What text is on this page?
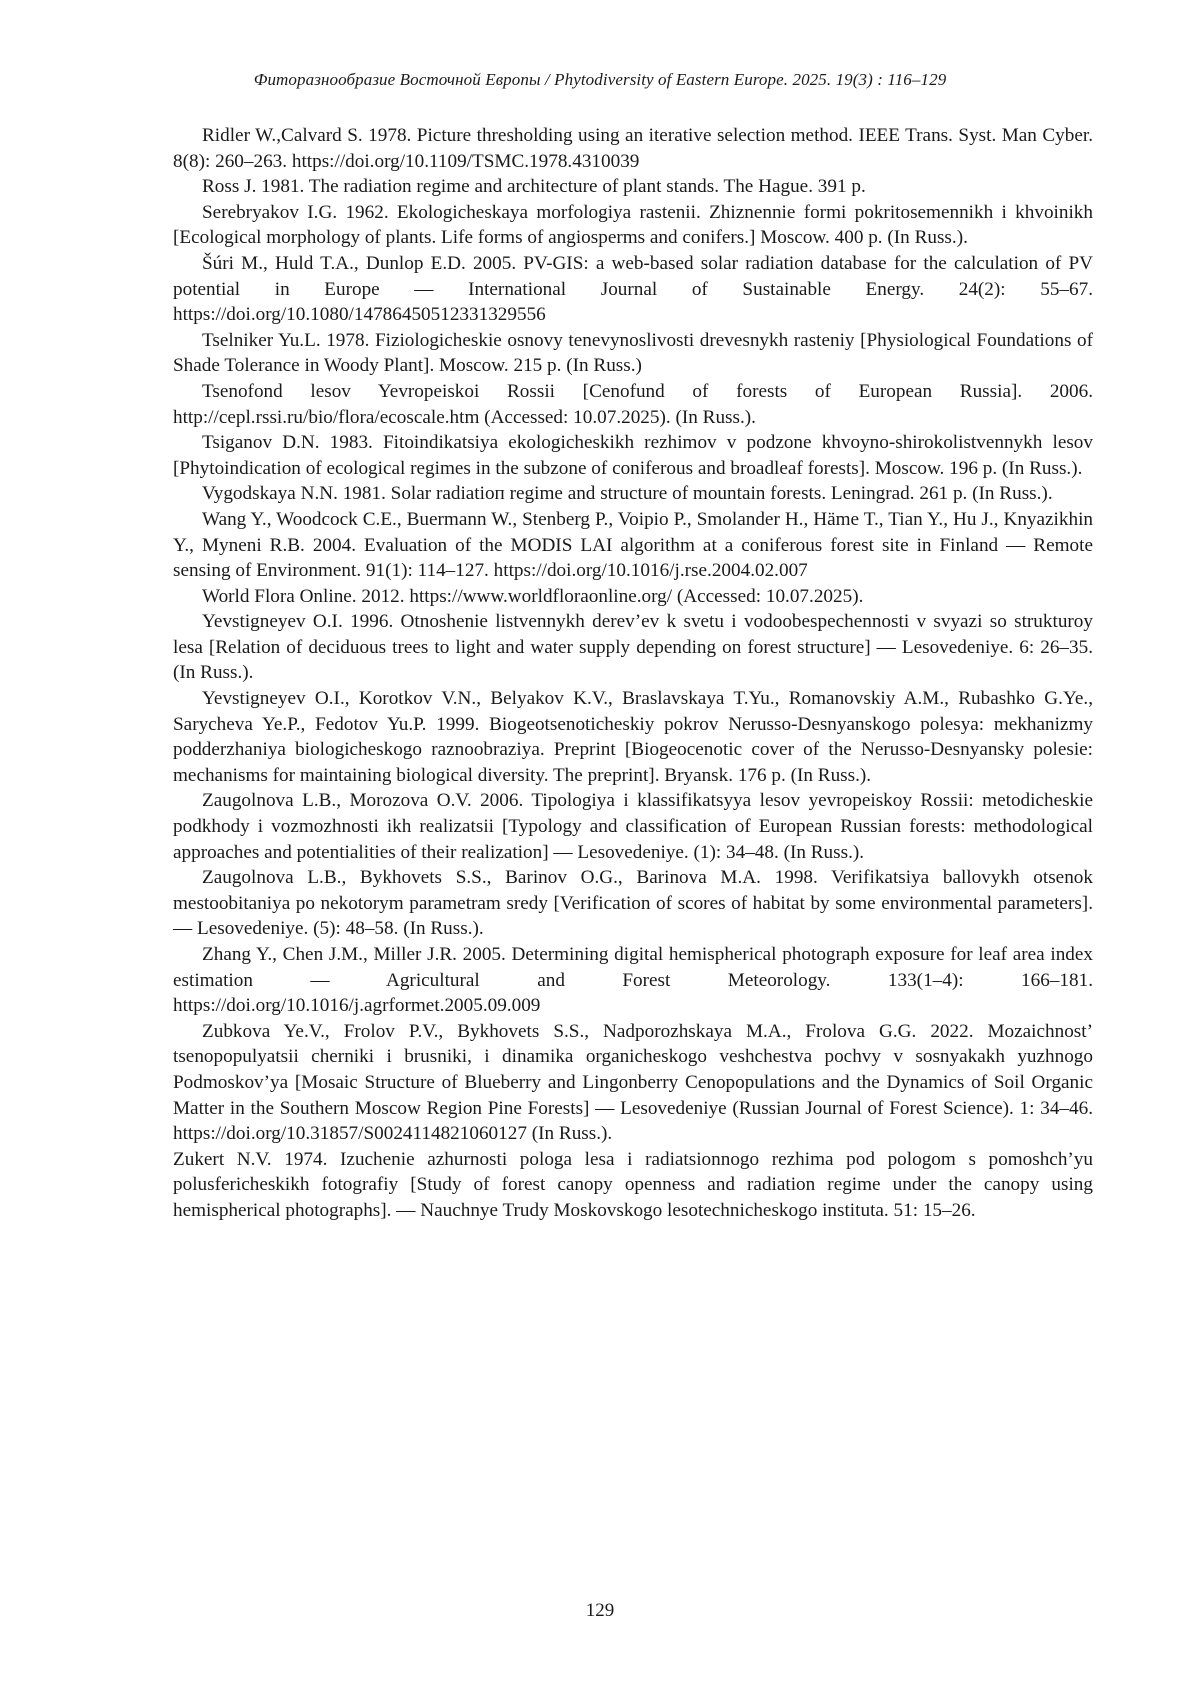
Фиторазнообразие Восточной Европы / Phytodiversity of Eastern Europe. 2025. 19(3) : 116–129

Ridler W.,Calvard S. 1978. Picture thresholding using an iterative selection method. IEEE Trans. Syst. Man Cyber. 8(8): 260–263. https://doi.org/10.1109/TSMC.1978.4310039

Ross J. 1981. The radiation regime and architecture of plant stands. The Hague. 391 p.

Serebryakov I.G. 1962. Ekologicheskaya morfologiya rastenii. Zhiznennie formi pokritosemennikh i khvoinikh [Ecological morphology of plants. Life forms of angiosperms and conifers.] Moscow. 400 p. (In Russ.).

Šúri M., Huld T.A., Dunlop E.D. 2005. PV-GIS: a web-based solar radiation database for the calculation of PV potential in Europe — International Journal of Sustainable Energy. 24(2): 55–67. https://doi.org/10.1080/14786450512331329556

Tselniker Yu.L. 1978. Fiziologicheskie osnovy tenevynoslivosti drevesnykh rasteniy [Physiological Foundations of Shade Tolerance in Woody Plant]. Moscow. 215 p. (In Russ.)

Tsenofond lesov Yevropeiskoi Rossii [Cenofund of forests of European Russia]. 2006. http://cepl.rssi.ru/bio/flora/ecoscale.htm (Accessed: 10.07.2025). (In Russ.).

Tsiganov D.N. 1983. Fitoindikatsiya ekologicheskikh rezhimov v podzone khvoyno-shirokolistvennykh lesov [Phytoindication of ecological regimes in the subzone of coniferous and broadleaf forests]. Moscow. 196 p. (In Russ.).

Vygodskaya N.N. 1981. Solar radiatioп regime and structure of mountain forests. Leningrad. 261 p. (In Russ.).

Wang Y., Woodcock C.E., Buermann W., Stenberg P., Voipio P., Smolander H., Häme T., Tian Y., Hu J., Knyazikhin Y., Myneni R.B. 2004. Evaluation of the MODIS LAI algorithm at a coniferous forest site in Finland — Remote sensing of Environment. 91(1): 114–127. https://doi.org/10.1016/j.rse.2004.02.007

World Flora Online. 2012. https://www.worldfloraonline.org/ (Accessed: 10.07.2025).

Yevstigneyev O.I. 1996. Otnoshenie listvennykh derev’ev k svetu i vodoobespechennosti v svyazi so strukturoy lesa [Relation of deciduous trees to light and water supply depending on forest structure] — Lesovedeniye. 6: 26–35. (In Russ.).

Yevstigneyev O.I., Korotkov V.N., Belyakov K.V., Braslavskaya T.Yu., Romanovskiy A.M., Rubashko G.Ye., Sarycheva Ye.P., Fedotov Yu.P. 1999. Biogeotsenoticheskiy pokrov Nerusso-Desnyanskogo polesya: mekhanizmy podderzhaniya biologicheskogo raznoobraziya. Preprint [Biogeocenotic cover of the Nerusso-Desnyansky polesie: mechanisms for maintaining biological diversity. The preprint]. Bryansk. 176 p. (In Russ.).

Zaugolnova L.B., Morozova O.V. 2006. Tipologiya i klassifikatsyya lesov yevropeiskoy Rossii: metodicheskie podkhody i vozmozhnosti ikh realizatsii [Typology and classification of European Russian forests: methodological approaches and potentialities of their realization] — Lesovedeniye. (1): 34–48. (In Russ.).

Zaugolnova L.B., Bykhovets S.S., Barinov O.G., Barinova M.A. 1998. Verifikatsiya ballovykh otsenok mestoobitaniya po nekotorym parametram sredy [Verification of scores of habitat by some environmental parameters]. — Lesovedeniye. (5): 48–58. (In Russ.).

Zhang Y., Chen J.M., Miller J.R. 2005. Determining digital hemispherical photograph exposure for leaf area index estimation — Agricultural and Forest Meteorology. 133(1–4): 166–181. https://doi.org/10.1016/j.agrformet.2005.09.009

Zubkova Ye.V., Frolov P.V., Bykhovets S.S., Nadporozhskaya M.A., Frolova G.G. 2022. Mozaichnost’ tsenopopulyatsii cherniki i brusniki, i dinamika organicheskogo veshchestva pochvy v sosnyakakh yuzhnogo Podmoskov’ya [Mosaic Structure of Blueberry and Lingonberry Cenopopulations and the Dynamics of Soil Organic Matter in the Southern Moscow Region Pine Forests] — Lesovedeniye (Russian Journal of Forest Science). 1: 34–46. https://doi.org/10.31857/S0024114821060127 (In Russ.).

Zukert N.V. 1974. Izuchenie azhurnosti pologa lesa i radiatsionnogo rezhima pod pologom s pomoshch’yu polusfericheskikh fotografiy [Study of forest canopy openness and radiation regime under the canopy using hemispherical photographs]. — Nauchnye Trudy Moskovskogo lesotechnicheskogo instituta. 51: 15–26.

129
